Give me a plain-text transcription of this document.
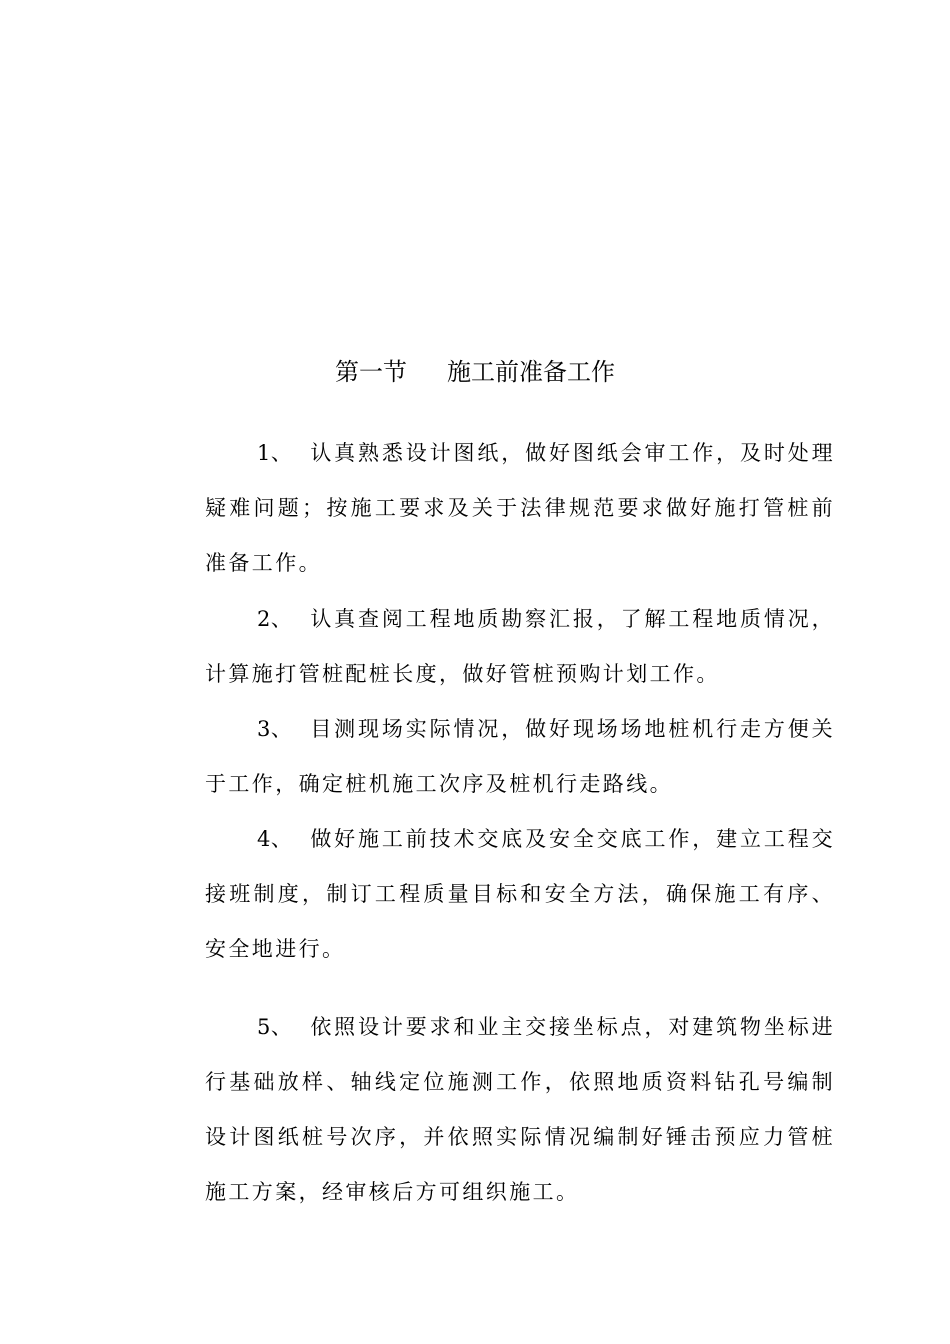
第一节 施工前准备工作
1、 认真熟悉设计图纸，做好图纸会审工作，及时处理疑难问题；按施工要求及关于法律规范要求做好施打管桩前准备工作。
2、 认真查阅工程地质勘察汇报，了解工程地质情况，计算施打管桩配桩长度，做好管桩预购计划工作。
3、 目测现场实际情况，做好现场场地桩机行走方便关于工作，确定桩机施工次序及桩机行走路线。
4、 做好施工前技术交底及安全交底工作，建立工程交接班制度，制订工程质量目标和安全方法，确保施工有序、安全地进行。
5、 依照设计要求和业主交接坐标点，对建筑物坐标进行基础放样、轴线定位施测工作，依照地质资料钻孔号编制设计图纸桩号次序，并依照实际情况编制好锤击预应力管桩施工方案，经审核后方可组织施工。
